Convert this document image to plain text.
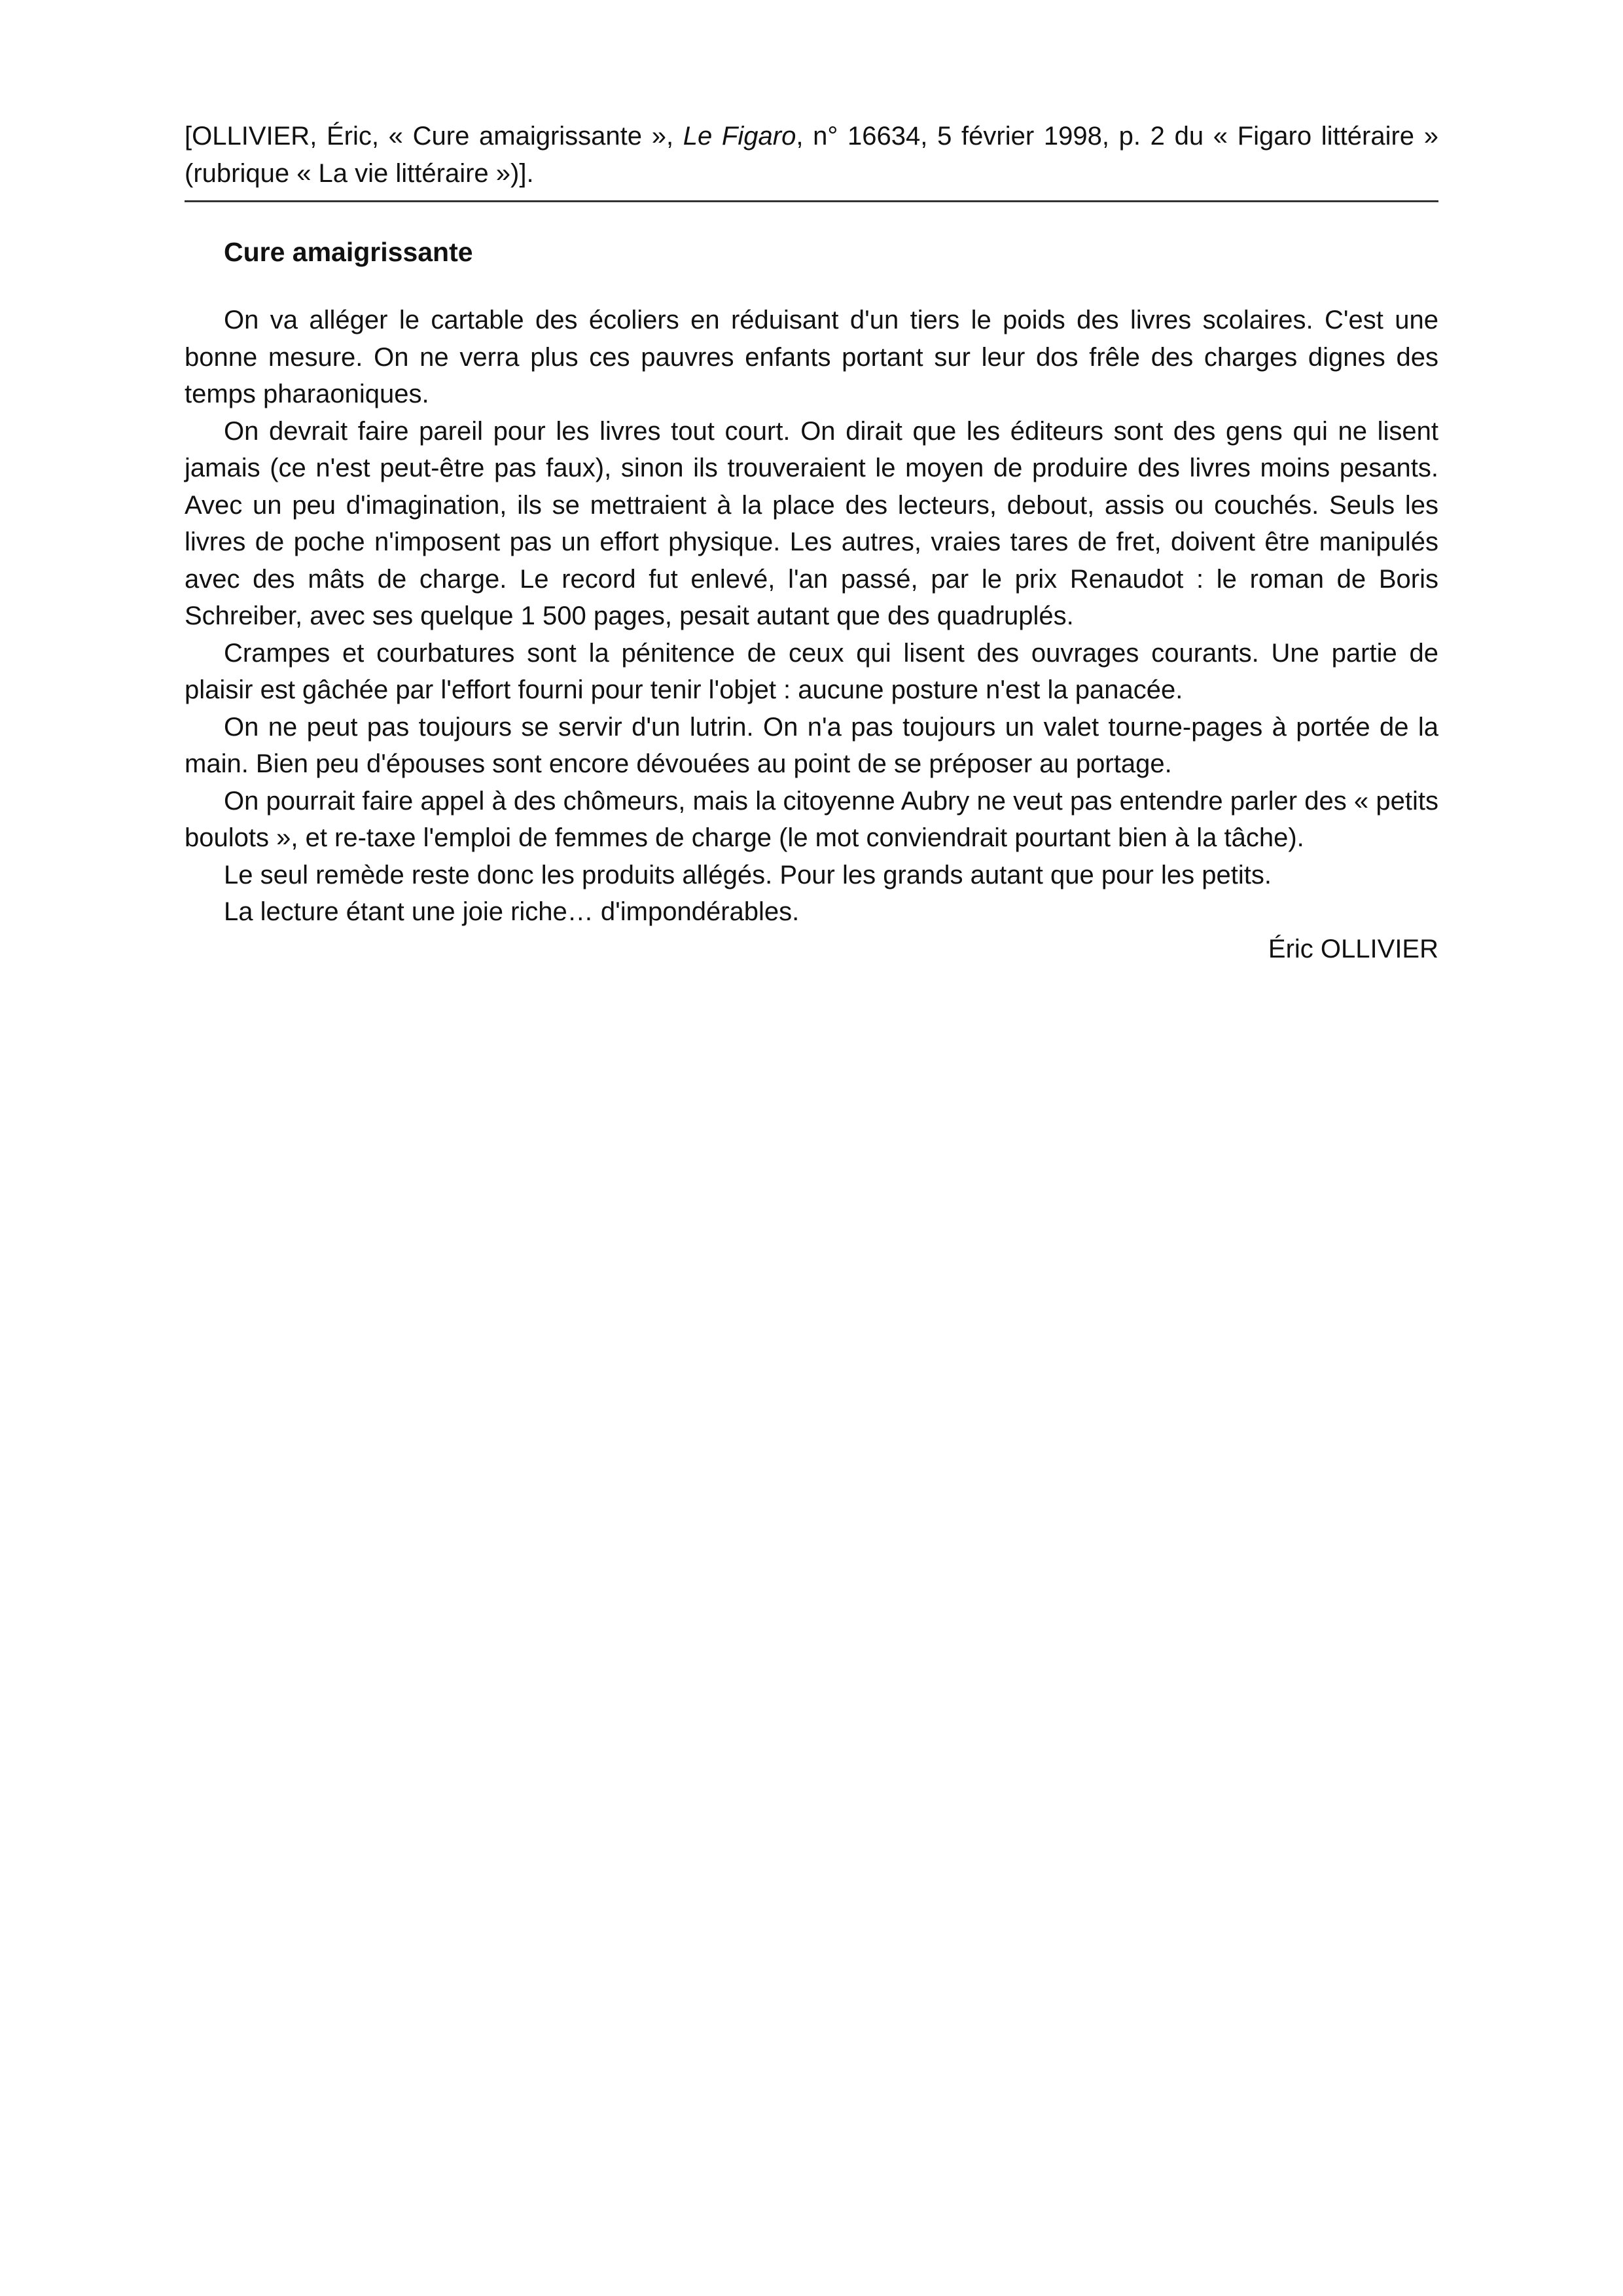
[OLLIVIER, Éric, « Cure amaigrissante », Le Figaro, n° 16634, 5 février 1998, p. 2 du « Figaro littéraire » (rubrique « La vie littéraire »)].
Cure amaigrissante

On va alléger le cartable des écoliers en réduisant d'un tiers le poids des livres scolaires. C'est une bonne mesure. On ne verra plus ces pauvres enfants portant sur leur dos frêle des charges dignes des temps pharaoniques.

On devrait faire pareil pour les livres tout court. On dirait que les éditeurs sont des gens qui ne lisent jamais (ce n'est peut-être pas faux), sinon ils trouveraient le moyen de produire des livres moins pesants. Avec un peu d'imagination, ils se mettraient à la place des lecteurs, debout, assis ou couchés. Seuls les livres de poche n'imposent pas un effort physique. Les autres, vraies tares de fret, doivent être manipulés avec des mâts de charge. Le record fut enlevé, l'an passé, par le prix Renaudot : le roman de Boris Schreiber, avec ses quelque 1 500 pages, pesait autant que des quadruplés.

Crampes et courbatures sont la pénitence de ceux qui lisent des ouvrages courants. Une partie de plaisir est gâchée par l'effort fourni pour tenir l'objet : aucune posture n'est la panacée.

On ne peut pas toujours se servir d'un lutrin. On n'a pas toujours un valet tourne-pages à portée de la main. Bien peu d'épouses sont encore dévouées au point de se préposer au portage.

On pourrait faire appel à des chômeurs, mais la citoyenne Aubry ne veut pas entendre parler des « petits boulots », et re-taxe l'emploi de femmes de charge (le mot conviendrait pourtant bien à la tâche).

Le seul remède reste donc les produits allégés. Pour les grands autant que pour les petits.

La lecture étant une joie riche… d'impondérables.

Éric OLLIVIER
